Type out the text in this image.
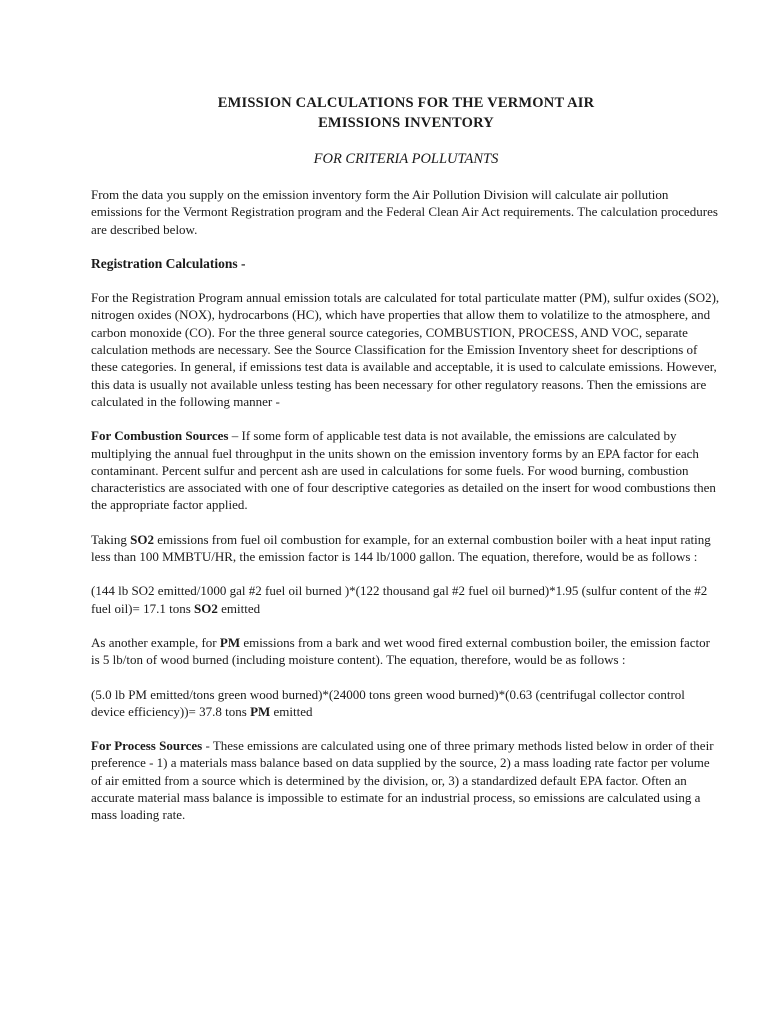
EMISSION CALCULATIONS FOR THE VERMONT AIR
EMISSIONS INVENTORY

FOR CRITERIA POLLUTANTS

From the data you supply on the emission inventory form the Air Pollution Division will calculate air pollution emissions for the Vermont Registration program and the Federal Clean Air Act requirements. The calculation procedures are described below.

Registration Calculations -

For the Registration Program annual emission totals are calculated for total particulate matter (PM), sulfur oxides (SO2), nitrogen oxides (NOX), hydrocarbons (HC), which have properties that allow them to volatilize to the atmosphere, and carbon monoxide (CO). For the three general source categories, COMBUSTION, PROCESS, AND VOC, separate calculation methods are necessary. See the Source Classification for the Emission Inventory sheet for descriptions of these categories. In general, if emissions test data is available and acceptable, it is used to calculate emissions. However, this data is usually not available unless testing has been necessary for other regulatory reasons. Then the emissions are calculated in the following manner -

For Combustion Sources – If some form of applicable test data is not available, the emissions are calculated by multiplying the annual fuel throughput in the units shown on the emission inventory forms by an EPA factor for each contaminant. Percent sulfur and percent ash are used in calculations for some fuels. For wood burning, combustion characteristics are associated with one of four descriptive categories as detailed on the insert for wood combustions then the appropriate factor applied.

Taking SO2 emissions from fuel oil combustion for example, for an external combustion boiler with a heat input rating less than 100 MMBTU/HR, the emission factor is 144 lb/1000 gallon. The equation, therefore, would be as follows :

(144 lb SO2 emitted/1000 gal #2 fuel oil burned )*(122 thousand gal #2 fuel oil burned)*1.95 (sulfur content of the #2 fuel oil)= 17.1 tons SO2 emitted

As another example, for PM emissions from a bark and wet wood fired external combustion boiler, the emission factor is 5 lb/ton of wood burned (including moisture content). The equation, therefore, would be as follows :

(5.0 lb PM emitted/tons green wood burned)*(24000 tons green wood burned)*(0.63 (centrifugal collector control device efficiency))= 37.8 tons PM emitted

For Process Sources - These emissions are calculated using one of three primary methods listed below in order of their preference - 1) a materials mass balance based on data supplied by the source, 2) a mass loading rate factor per volume of air emitted from a source which is determined by the division, or, 3) a standardized default EPA factor. Often an accurate material mass balance is impossible to estimate for an industrial process, so emissions are calculated using a mass loading rate.
